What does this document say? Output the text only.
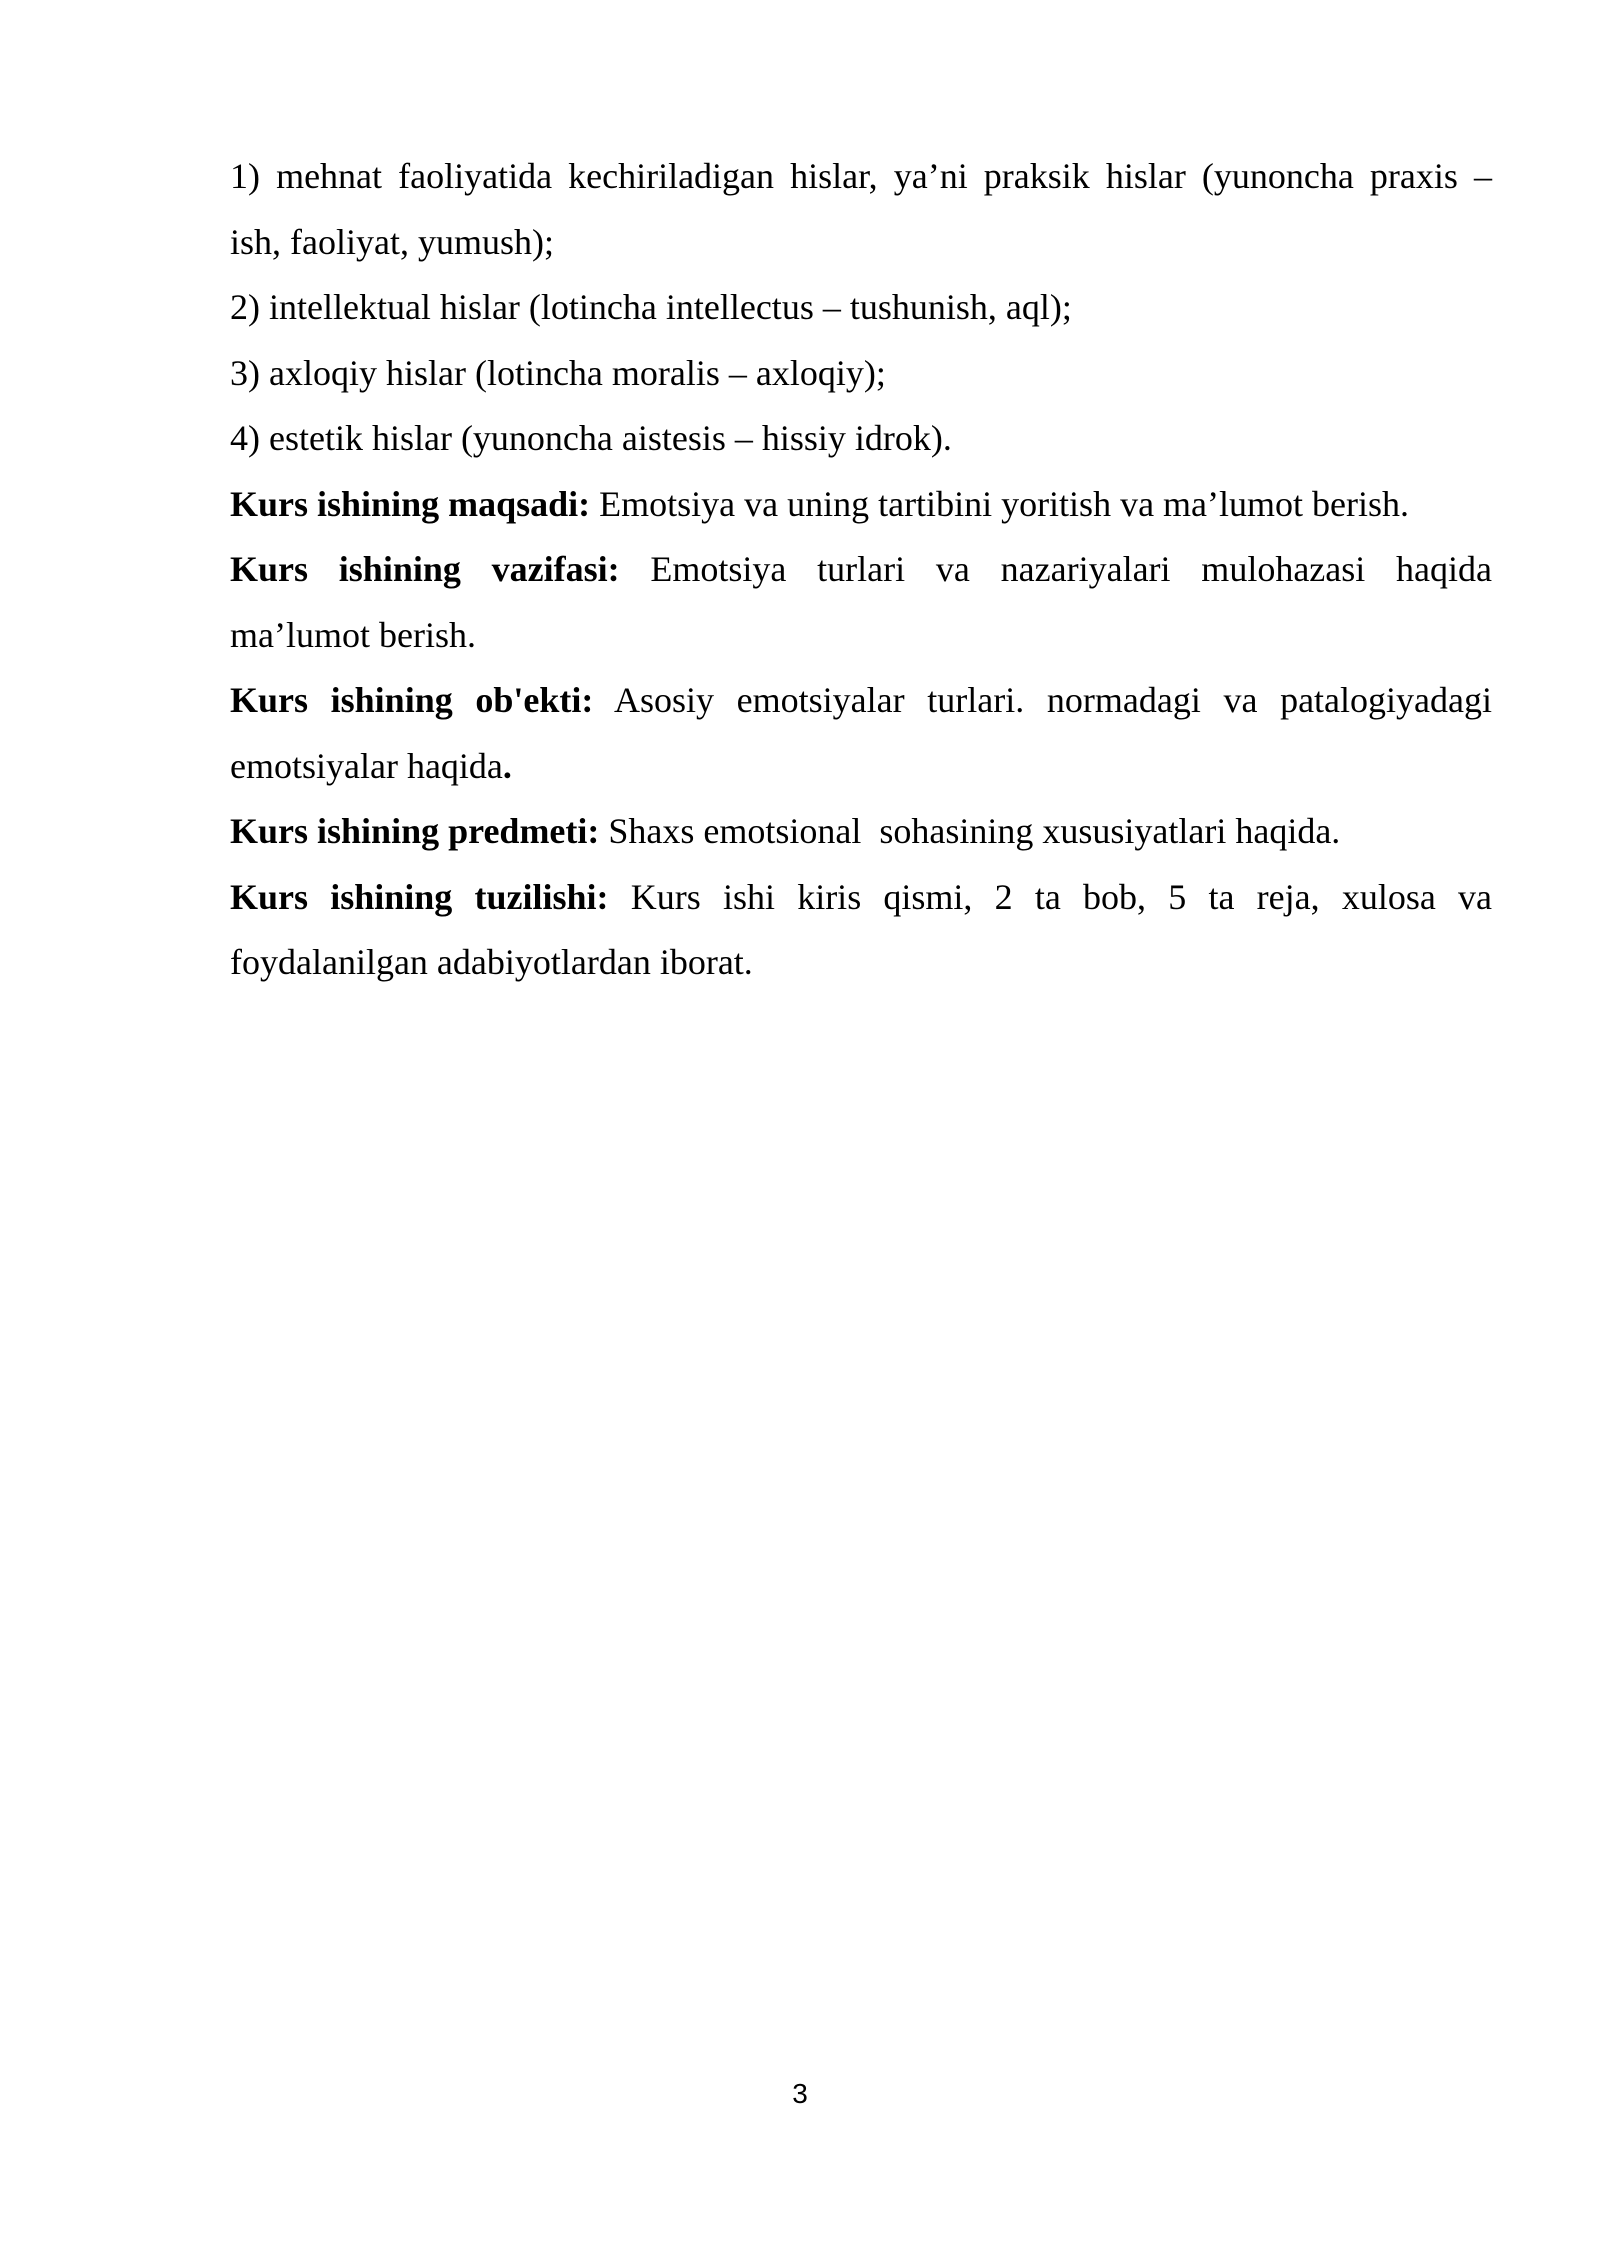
1) mehnat faoliyatida kechiriladigan hislar, ya’ni praksik hislar (yunoncha praxis –

ish, faoliyat, yumush);

2) intellektual hislar (lotincha intellectus – tushunish, aql);

3) axloqiy hislar (lotincha moralis – axloqiy);

4) estetik hislar (yunoncha aistesis – hissiy idrok).

Kurs ishining maqsadi: Emotsiya va uning tartibini yoritish va ma’lumot berish.

Kurs ishining vazifasi: Emotsiya turlari va nazariyalari mulohazasi haqida

ma’lumot berish.

Kurs ishining ob'ekti: Asosiy emotsiyalar turlari. normadagi va patalogiyadagi

emotsiyalar haqida.

Kurs ishining predmeti: Shaxs emotsional  sohasining xususiyatlari haqida.

Kurs ishining tuzilishi: Kurs ishi kiris qismi, 2 ta bob, 5 ta reja, xulosa va

foydalanilgan adabiyotlardan iborat.

3
